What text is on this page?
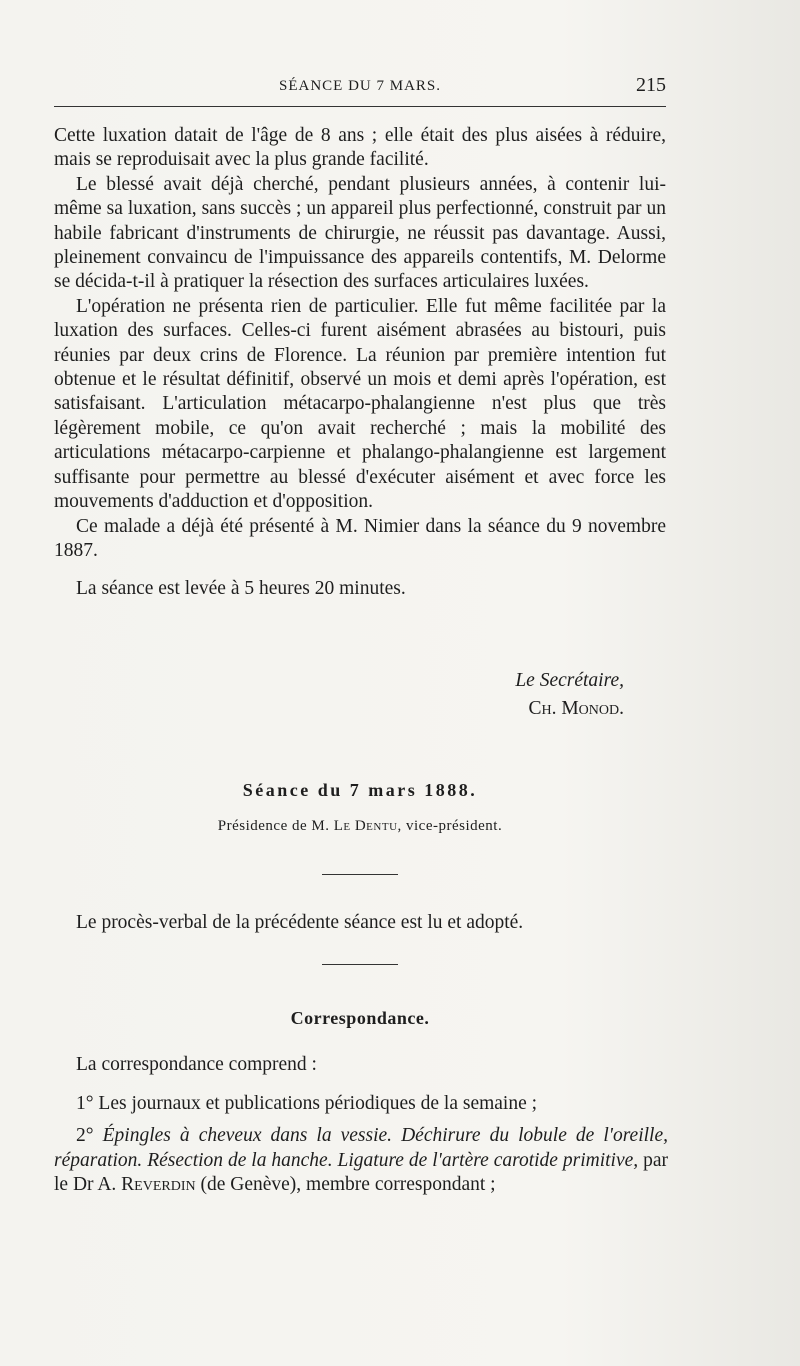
SÉANCE DU 7 MARS.	215

Cette luxation datait de l'âge de 8 ans ; elle était des plus aisées à réduire, mais se reproduisait avec la plus grande facilité.

Le blessé avait déjà cherché, pendant plusieurs années, à contenir lui-même sa luxation, sans succès ; un appareil plus perfectionné, construit par un habile fabricant d'instruments de chirurgie, ne réussit pas davantage. Aussi, pleinement convaincu de l'impuissance des appareils contentifs, M. Delorme se décida-t-il à pratiquer la résection des surfaces articulaires luxées.

L'opération ne présenta rien de particulier. Elle fut même facilitée par la luxation des surfaces. Celles-ci furent aisément abrasées au bistouri, puis réunies par deux crins de Florence. La réunion par première intention fut obtenue et le résultat définitif, observé un mois et demi après l'opération, est satisfaisant. L'articulation métacarpo-phalangienne n'est plus que très légèrement mobile, ce qu'on avait recherché ; mais la mobilité des articulations métacarpo-carpienne et phalango-phalangienne est largement suffisante pour permettre au blessé d'exécuter aisément et avec force les mouvements d'adduction et d'opposition.

Ce malade a déjà été présenté à M. Nimier dans la séance du 9 novembre 1887.

La séance est levée à 5 heures 20 minutes.

Le Secrétaire,
Ch. Monod.
Séance du 7 mars 1888.
Présidence de M. Le Dentu, vice-président.
Le procès-verbal de la précédente séance est lu et adopté.
Correspondance.
La correspondance comprend :

1° Les journaux et publications périodiques de la semaine ;

2° Épingles à cheveux dans la vessie. Déchirure du lobule de l'oreille, réparation. Résection de la hanche. Ligature de l'artère carotide primitive, par le Dr A. Reverdin (de Genève), membre correspondant ;
